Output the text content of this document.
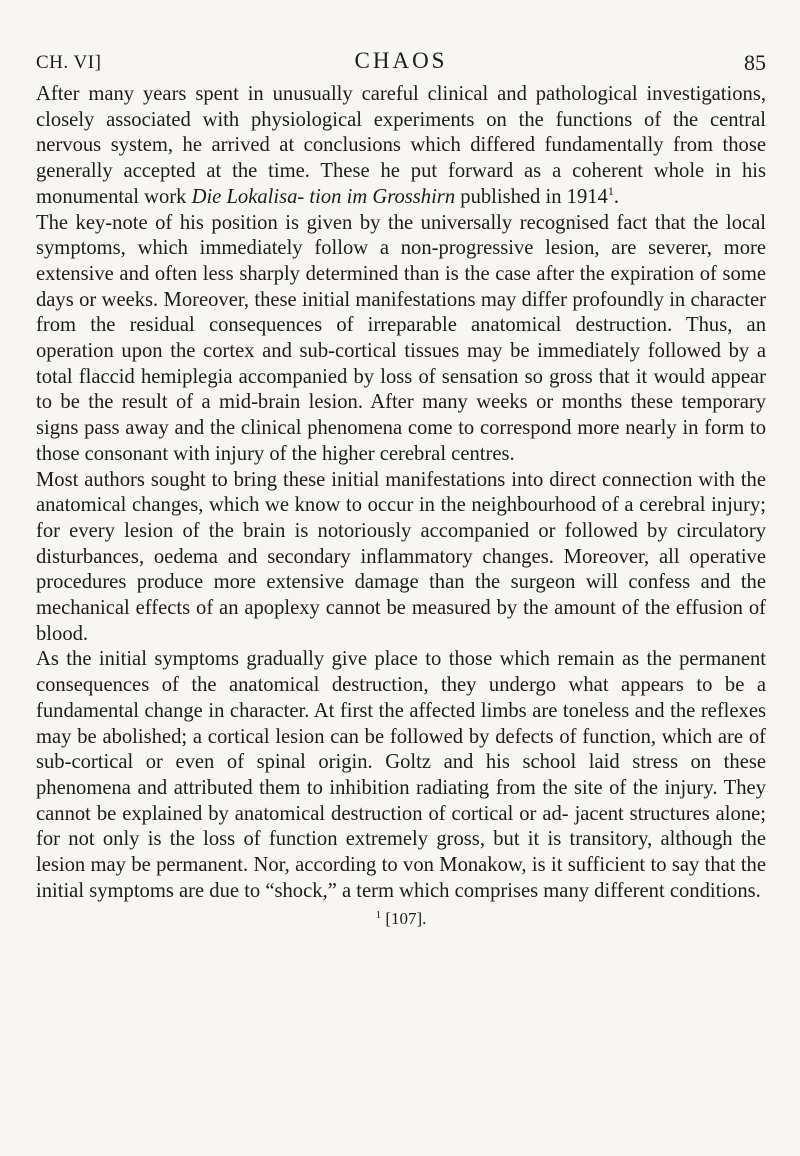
CH. VI]	CHAOS	85

After many years spent in unusually careful clinical and pathological investigations, closely associated with physiological experiments on the functions of the central nervous system, he arrived at conclusions which differed fundamentally from those generally accepted at the time. These he put forward as a coherent whole in his monumental work Die Lokalisa- tion im Grosshirn published in 1914$^1$.

The key-note of his position is given by the universally recognised fact that the local symptoms, which immediately follow a non-progressive lesion, are severer, more extensive and often less sharply determined than is the case after the expiration of some days or weeks. Moreover, these initial manifestations may differ profoundly in character from the residual consequences of irreparable anatomical destruction. Thus, an operation upon the cortex and sub-cortical tissues may be immediately followed by a total flaccid hemiplegia accompanied by loss of sensation so gross that it would appear to be the result of a mid-brain lesion. After many weeks or months these temporary signs pass away and the clinical phenomena come to correspond more nearly in form to those consonant with injury of the higher cerebral centres.

Most authors sought to bring these initial manifestations into direct connection with the anatomical changes, which we know to occur in the neighbourhood of a cerebral injury; for every lesion of the brain is notoriously accompanied or followed by circulatory disturbances, oedema and secondary inflammatory changes. Moreover, all operative procedures produce more extensive damage than the surgeon will confess and the mechanical effects of an apoplexy cannot be measured by the amount of the effusion of blood.

As the initial symptoms gradually give place to those which remain as the permanent consequences of the anatomical destruction, they undergo what appears to be a fundamental change in character. At first the affected limbs are toneless and the reflexes may be abolished; a cortical lesion can be followed by defects of function, which are of sub-cortical or even of spinal origin. Goltz and his school laid stress on these phenomena and attributed them to inhibition radiating from the site of the injury. They cannot be explained by anatomical destruction of cortical or ad- jacent structures alone; for not only is the loss of function extremely gross, but it is transitory, although the lesion may be permanent. Nor, according to von Monakow, is it sufficient to say that the initial symptoms are due to “shock,” a term which comprises many different conditions.

$^1$ [107].
